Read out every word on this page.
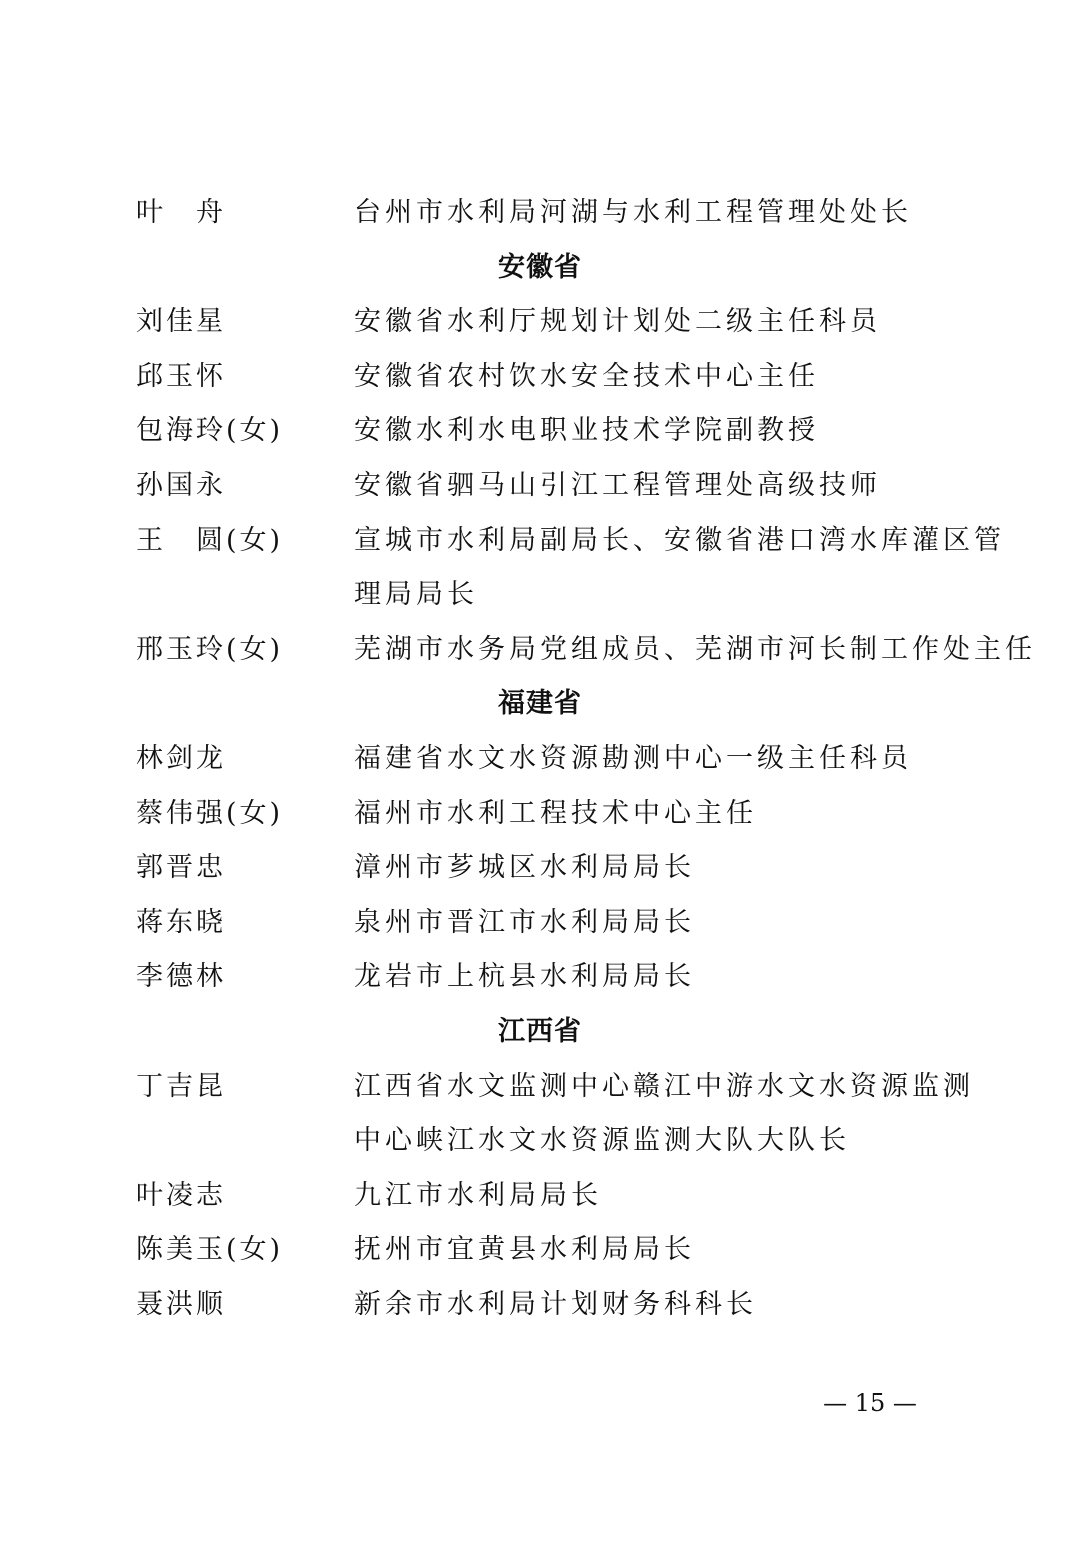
叶　舟	台州市水利局河湖与水利工程管理处处长
安徽省
刘佳星	安徽省水利厅规划计划处二级主任科员
邱玉怀	安徽省农村饮水安全技术中心主任
包海玲(女)	安徽水利水电职业技术学院副教授
孙国永	安徽省驷马山引江工程管理处高级技师
王　圆(女)	宣城市水利局副局长、安徽省港口湾水库灌区管
理局局长
邢玉玲(女)	芜湖市水务局党组成员、芜湖市河长制工作处主任
福建省
林剑龙	福建省水文水资源勘测中心一级主任科员
蔡伟强(女)	福州市水利工程技术中心主任
郭晋忠	漳州市芗城区水利局局长
蒋东晓	泉州市晋江市水利局局长
李德林	龙岩市上杭县水利局局长
江西省
丁吉昆	江西省水文监测中心赣江中游水文水资源监测
中心峡江水文水资源监测大队大队长
叶凌志	九江市水利局局长
陈美玉(女)	抚州市宜黄县水利局局长
聂洪顺	新余市水利局计划财务科科长
— 15 —
